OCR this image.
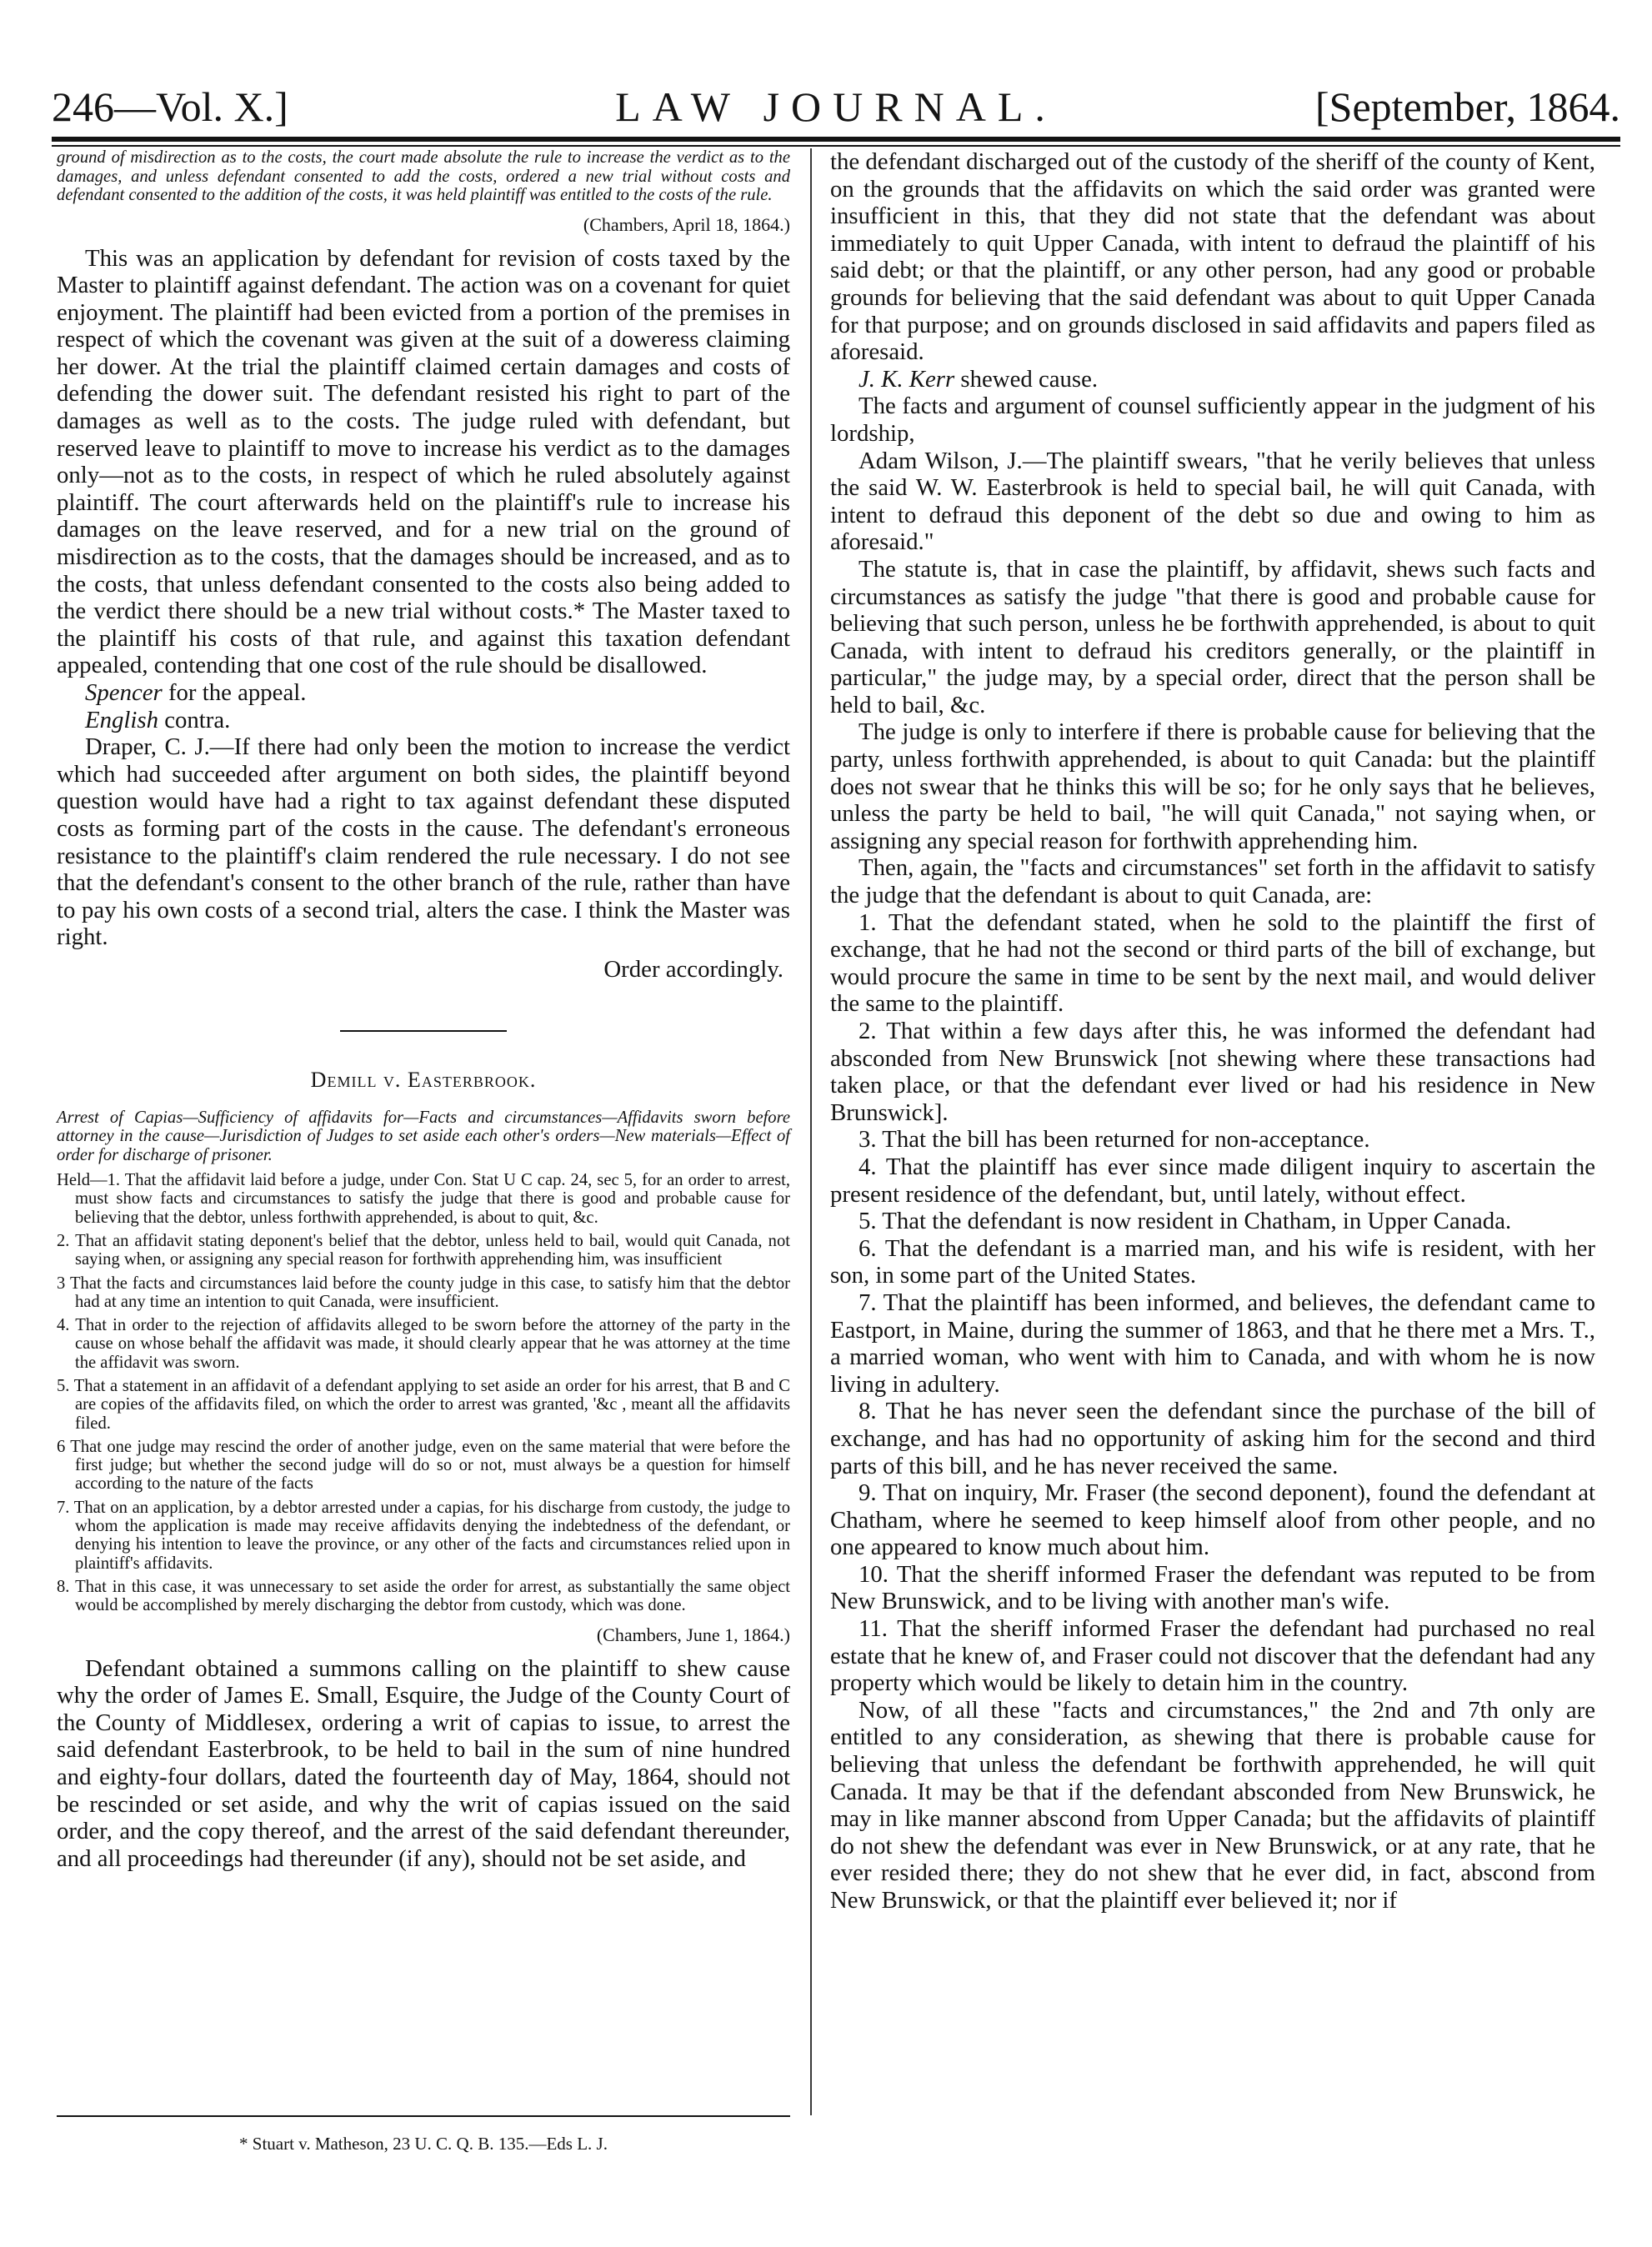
246—Vol. X.]	LAW JOURNAL.	[September, 1864.

ground of misdirection as to the costs, the court made absolute the rule to increase the verdict as to the damages, and unless defendant consented to add the costs, ordered a new trial without costs and defendant consented to the addition of the costs, it was held plaintiff was entitled to the costs of the rule.

(Chambers, April 18, 1864.)

This was an application by defendant for revision of costs taxed by the Master to plaintiff against defendant. The action was on a covenant for quiet enjoyment. The plaintiff had been evicted from a portion of the premises in respect of which the covenant was given at the suit of a doweress claiming her dower. At the trial the plaintiff claimed certain damages and costs of defending the dower suit. The defendant resisted his right to part of the damages as well as to the costs. The judge ruled with defendant, but reserved leave to plaintiff to move to increase his verdict as to the damages only—not as to the costs, in respect of which he ruled absolutely against plaintiff. The court afterwards held on the plaintiff's rule to increase his damages on the leave reserved, and for a new trial on the ground of misdirection as to the costs, that the damages should be increased, and as to the costs, that unless defendant consented to the costs also being added to the verdict there should be a new trial without costs.* The Master taxed to the plaintiff his costs of that rule, and against this taxation defendant appealed, contending that one cost of the rule should be disallowed.

Spencer for the appeal.

English contra.

Draper, C. J.—If there had only been the motion to increase the verdict which had succeeded after argument on both sides, the plaintiff beyond question would have had a right to tax against defendant these disputed costs as forming part of the costs in the cause. The defendant's erroneous resistance to the plaintiff's claim rendered the rule necessary. I do not see that the defendant's consent to the other branch of the rule, rather than have to pay his own costs of a second trial, alters the case. I think the Master was right.

Order accordingly.
Demill v. Easterbrook.
Arrest of Capias—Sufficiency of affidavits for—Facts and circumstances—Affidavits sworn before attorney in the cause—Jurisdiction of Judges to set aside each other's orders—New materials—Effect of order for discharge of prisoner.

Held—1. That the affidavit laid before a judge, under Con. Stat U C cap. 24, sec 5, for an order to arrest, must show facts and circumstances to satisfy the judge that there is good and probable cause for believing that the debtor, unless forthwith apprehended, is about to quit, &c.

2. That an affidavit stating deponent's belief that the debtor, unless held to bail, would quit Canada, not saying when, or assigning any special reason for forthwith apprehending him, was insufficient

3 That the facts and circumstances laid before the county judge in this case, to satisfy him that the debtor had at any time an intention to quit Canada, were insufficient.

4. That in order to the rejection of affidavits alleged to be sworn before the attorney of the party in the cause on whose behalf the affidavit was made, it should clearly appear that he was attorney at the time the affidavit was sworn.

5. That a statement in an affidavit of a defendant applying to set aside an order for his arrest, that B and C are copies of the affidavits filed, on which the order to arrest was granted, '&c , meant all the affidavits filed.

6 That one judge may rescind the order of another judge, even on the same material that were before the first judge; but whether the second judge will do so or not, must always be a question for himself according to the nature of the facts

7. That on an application, by a debtor arrested under a capias, for his discharge from custody, the judge to whom the application is made may receive affidavits denying the indebtedness of the defendant, or denying his intention to leave the province, or any other of the facts and circumstances relied upon in plaintiff's affidavits.

8. That in this case, it was unnecessary to set aside the order for arrest, as substantially the same object would be accomplished by merely discharging the debtor from custody, which was done.

(Chambers, June 1, 1864.)

Defendant obtained a summons calling on the plaintiff to shew cause why the order of James E. Small, Esquire, the Judge of the County Court of the County of Middlesex, ordering a writ of capias to issue, to arrest the said defendant Easterbrook, to be held to bail in the sum of nine hundred and eighty-four dollars, dated the fourteenth day of May, 1864, should not be rescinded or set aside, and why the writ of capias issued on the said order, and the copy thereof, and the arrest of the said defendant thereunder, and all proceedings had thereunder (if any), should not be set aside, and

* Stuart v. Matheson, 23 U. C. Q. B. 135.—Eds L. J.

the defendant discharged out of the custody of the sheriff of the county of Kent, on the grounds that the affidavits on which the said order was granted were insufficient in this, that they did not state that the defendant was about immediately to quit Upper Canada, with intent to defraud the plaintiff of his said debt; or that the plaintiff, or any other person, had any good or probable grounds for believing that the said defendant was about to quit Upper Canada for that purpose; and on grounds disclosed in said affidavits and papers filed as aforesaid.

J. K. Kerr shewed cause.

The facts and argument of counsel sufficiently appear in the judgment of his lordship,

Adam Wilson, J.—The plaintiff swears, "that he verily believes that unless the said W. W. Easterbrook is held to special bail, he will quit Canada, with intent to defraud this deponent of the debt so due and owing to him as aforesaid."

The statute is, that in case the plaintiff, by affidavit, shews such facts and circumstances as satisfy the judge "that there is good and probable cause for believing that such person, unless he be forthwith apprehended, is about to quit Canada, with intent to defraud his creditors generally, or the plaintiff in particular," the judge may, by a special order, direct that the person shall be held to bail, &c.

The judge is only to interfere if there is probable cause for believing that the party, unless forthwith apprehended, is about to quit Canada: but the plaintiff does not swear that he thinks this will be so; for he only says that he believes, unless the party be held to bail, "he will quit Canada," not saying when, or assigning any special reason for forthwith apprehending him.

Then, again, the "facts and circumstances" set forth in the affidavit to satisfy the judge that the defendant is about to quit Canada, are:

1. That the defendant stated, when he sold to the plaintiff the first of exchange, that he had not the second or third parts of the bill of exchange, but would procure the same in time to be sent by the next mail, and would deliver the same to the plaintiff.

2. That within a few days after this, he was informed the defendant had absconded from New Brunswick [not shewing where these transactions had taken place, or that the defendant ever lived or had his residence in New Brunswick].

3. That the bill has been returned for non-acceptance.

4. That the plaintiff has ever since made diligent inquiry to ascertain the present residence of the defendant, but, until lately, without effect.

5. That the defendant is now resident in Chatham, in Upper Canada.

6. That the defendant is a married man, and his wife is resident, with her son, in some part of the United States.

7. That the plaintiff has been informed, and believes, the defendant came to Eastport, in Maine, during the summer of 1863, and that he there met a Mrs. T., a married woman, who went with him to Canada, and with whom he is now living in adultery.

8. That he has never seen the defendant since the purchase of the bill of exchange, and has had no opportunity of asking him for the second and third parts of this bill, and he has never received the same.

9. That on inquiry, Mr. Fraser (the second deponent), found the defendant at Chatham, where he seemed to keep himself aloof from other people, and no one appeared to know much about him.

10. That the sheriff informed Fraser the defendant was reputed to be from New Brunswick, and to be living with another man's wife.

11. That the sheriff informed Fraser the defendant had purchased no real estate that he knew of, and Fraser could not discover that the defendant had any property which would be likely to detain him in the country.

Now, of all these "facts and circumstances," the 2nd and 7th only are entitled to any consideration, as shewing that there is probable cause for believing that unless the defendant be forthwith apprehended, he will quit Canada. It may be that if the defendant absconded from New Brunswick, he may in like manner abscond from Upper Canada; but the affidavits of plaintiff do not shew the defendant was ever in New Brunswick, or at any rate, that he ever resided there; they do not shew that he ever did, in fact, abscond from New Brunswick, or that the plaintiff ever believed it; nor if
